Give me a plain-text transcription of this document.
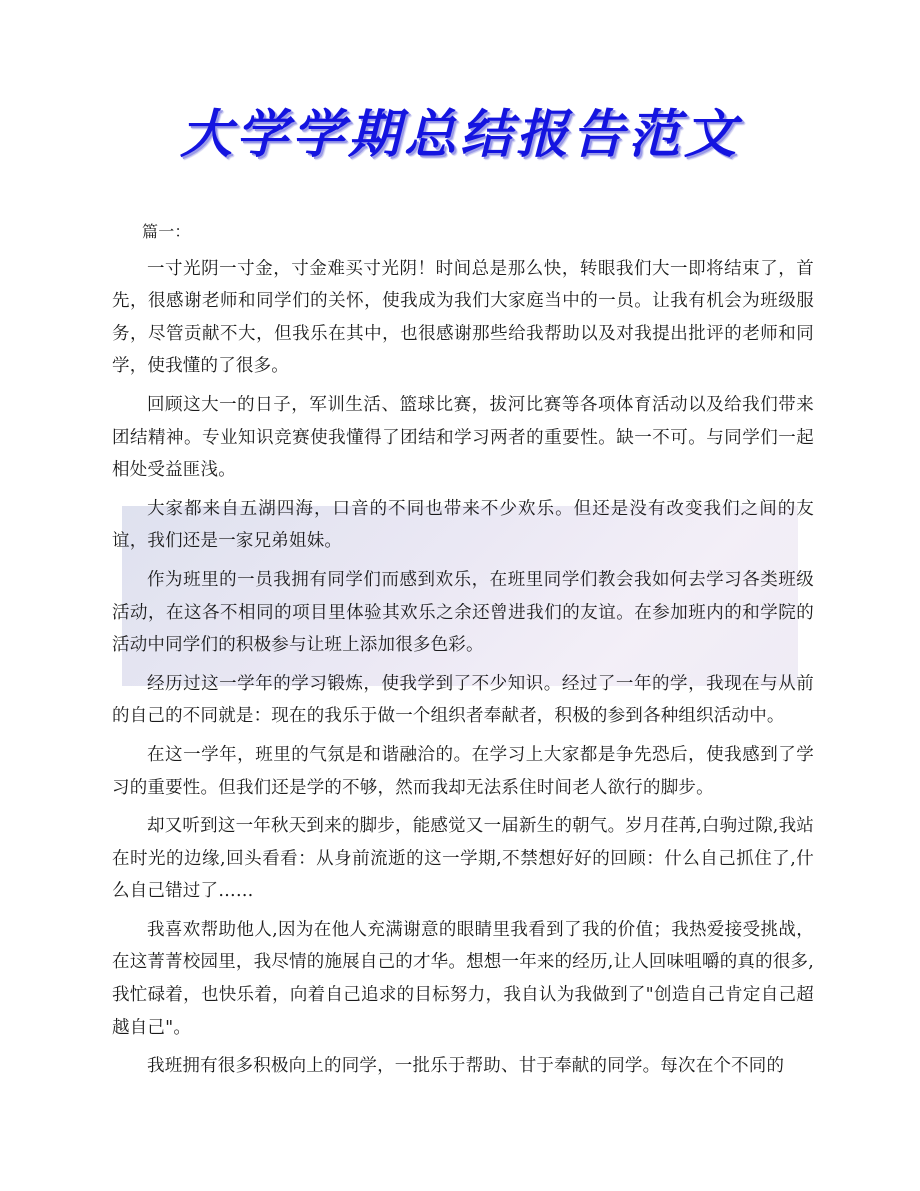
大学学期总结报告范文

篇一：

一寸光阴一寸金，寸金难买寸光阴！时间总是那么快，转眼我们大一即将结束了，首先，很感谢老师和同学们的关怀，使我成为我们大家庭当中的一员。让我有机会为班级服务，尽管贡献不大，但我乐在其中，也很感谢那些给我帮助以及对我提出批评的老师和同学，使我懂的了很多。

回顾这大一的日子，军训生活、篮球比赛，拔河比赛等各项体育活动以及给我们带来团结精神。专业知识竞赛使我懂得了团结和学习两者的重要性。缺一不可。与同学们一起相处受益匪浅。

大家都来自五湖四海，口音的不同也带来不少欢乐。但还是没有改变我们之间的友谊，我们还是一家兄弟姐妹。

作为班里的一员我拥有同学们而感到欢乐，在班里同学们教会我如何去学习各类班级活动，在这各不相同的项目里体验其欢乐之余还曾进我们的友谊。在参加班内的和学院的活动中同学们的积极参与让班上添加很多色彩。

经历过这一学年的学习锻炼，使我学到了不少知识。经过了一年的学，我现在与从前的自己的不同就是：现在的我乐于做一个组织者奉献者，积极的参到各种组织活动中。

在这一学年，班里的气氛是和谐融洽的。在学习上大家都是争先恐后，使我感到了学习的重要性。但我们还是学的不够，然而我却无法系住时间老人欲行的脚步。

却又听到这一年秋天到来的脚步，能感觉又一届新生的朝气。岁月荏苒,白驹过隙,我站在时光的边缘,回头看看：从身前流逝的这一学期,不禁想好好的回顾：什么自己抓住了,什么自己错过了……

我喜欢帮助他人,因为在他人充满谢意的眼睛里我看到了我的价值；我热爱接受挑战，在这菁菁校园里，我尽情的施展自己的才华。想想一年来的经历,让人回味咀嚼的真的很多,我忙碌着，也快乐着，向着自己追求的目标努力，我自认为我做到了"创造自己肯定自己超越自己"。

我班拥有很多积极向上的同学，一批乐于帮助、甘于奉献的同学。每次在个不同的
